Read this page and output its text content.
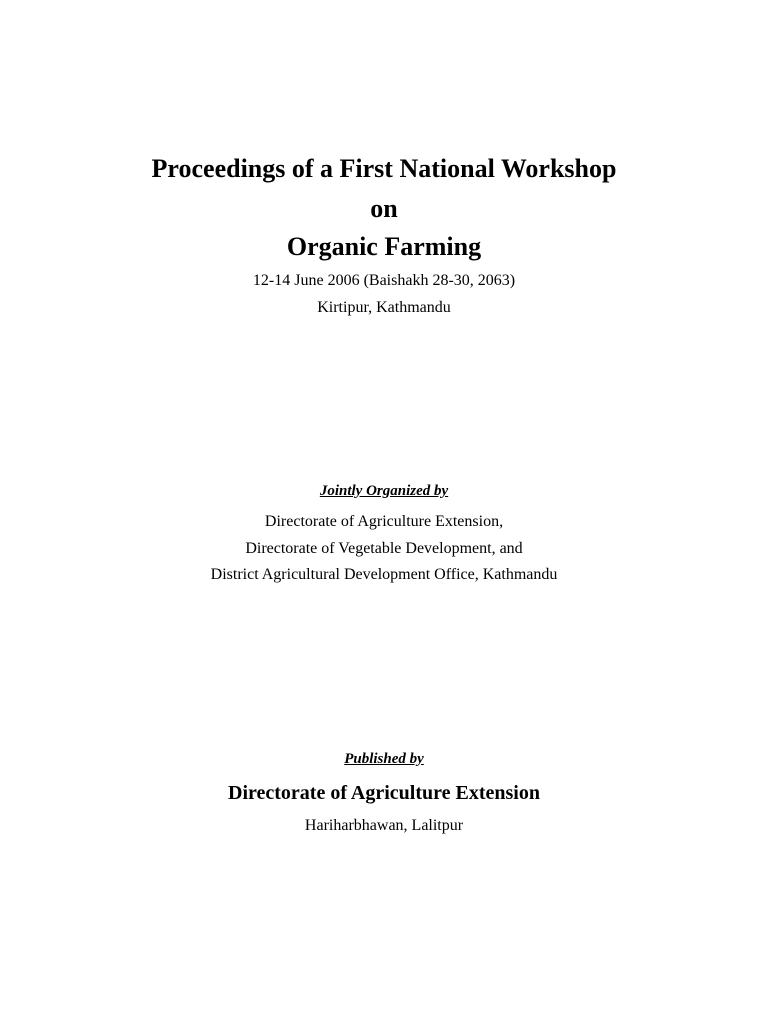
Proceedings of a First National Workshop
on
Organic Farming
12-14 June 2006 (Baishakh 28-30, 2063)
Kirtipur, Kathmandu
Jointly Organized by
Directorate of Agriculture Extension,
Directorate of Vegetable Development, and
District Agricultural Development Office, Kathmandu
Published by
Directorate of Agriculture Extension
Hariharbhawan, Lalitpur
